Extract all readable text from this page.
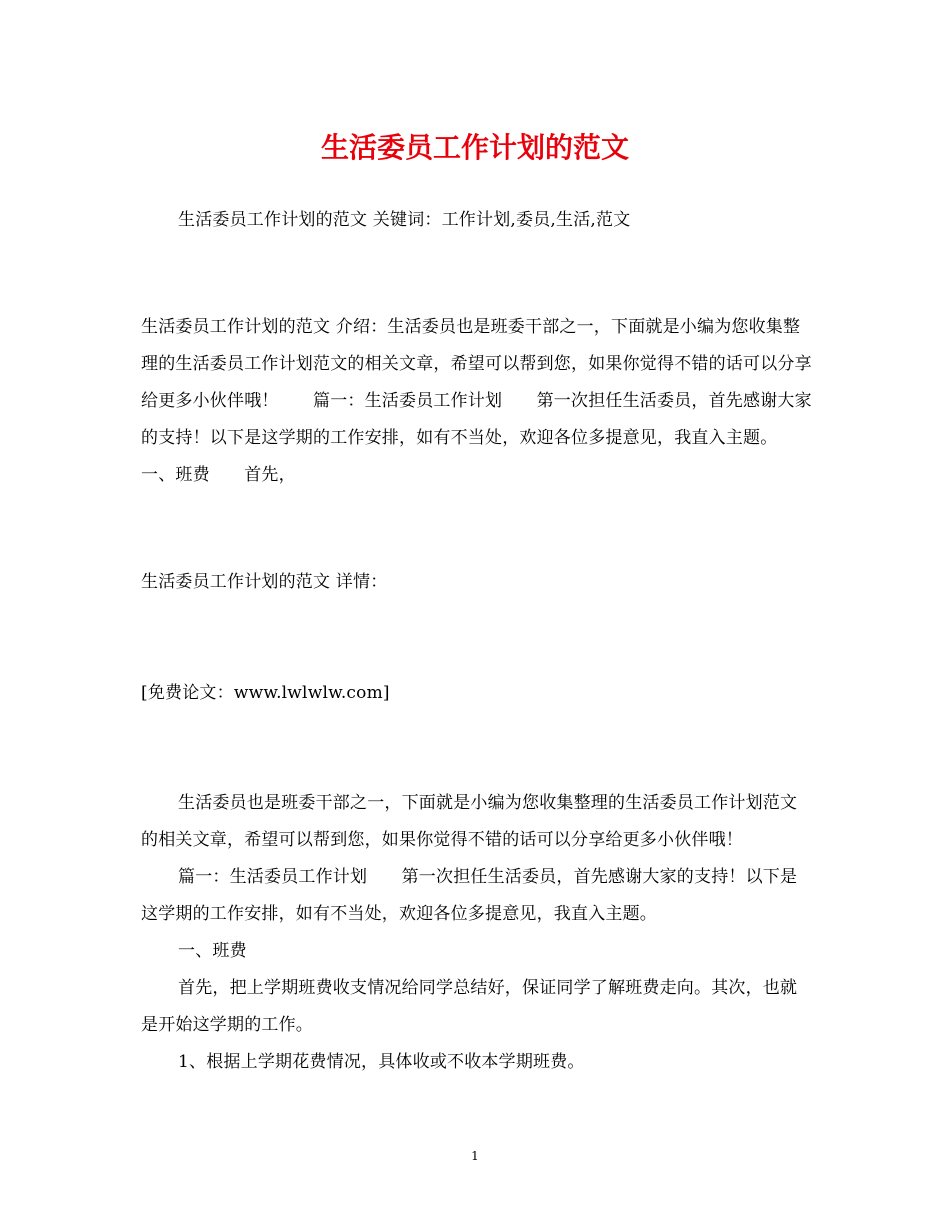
生活委员工作计划的范文

生活委员工作计划的范文 关键词：工作计划,委员,生活,范文

生活委员工作计划的范文 介绍：生活委员也是班委干部之一，下面就是小编为您收集整理的生活委员工作计划范文的相关文章，希望可以帮到您，如果你觉得不错的话可以分享给更多小伙伴哦！　　篇一：生活委员工作计划　　第一次担任生活委员，首先感谢大家的支持！以下是这学期的工作安排，如有不当处，欢迎各位多提意见，我直入主题。　　一、班费　　首先，

生活委员工作计划的范文 详情：

[免费论文：www.lwlwlw.com]

生活委员也是班委干部之一，下面就是小编为您收集整理的生活委员工作计划范文的相关文章，希望可以帮到您，如果你觉得不错的话可以分享给更多小伙伴哦！

篇一：生活委员工作计划　　第一次担任生活委员，首先感谢大家的支持！以下是这学期的工作安排，如有不当处，欢迎各位多提意见，我直入主题。

一、班费

首先，把上学期班费收支情况给同学总结好，保证同学了解班费走向。其次，也就是开始这学期的工作。

1、根据上学期花费情况，具体收或不收本学期班费。

1
